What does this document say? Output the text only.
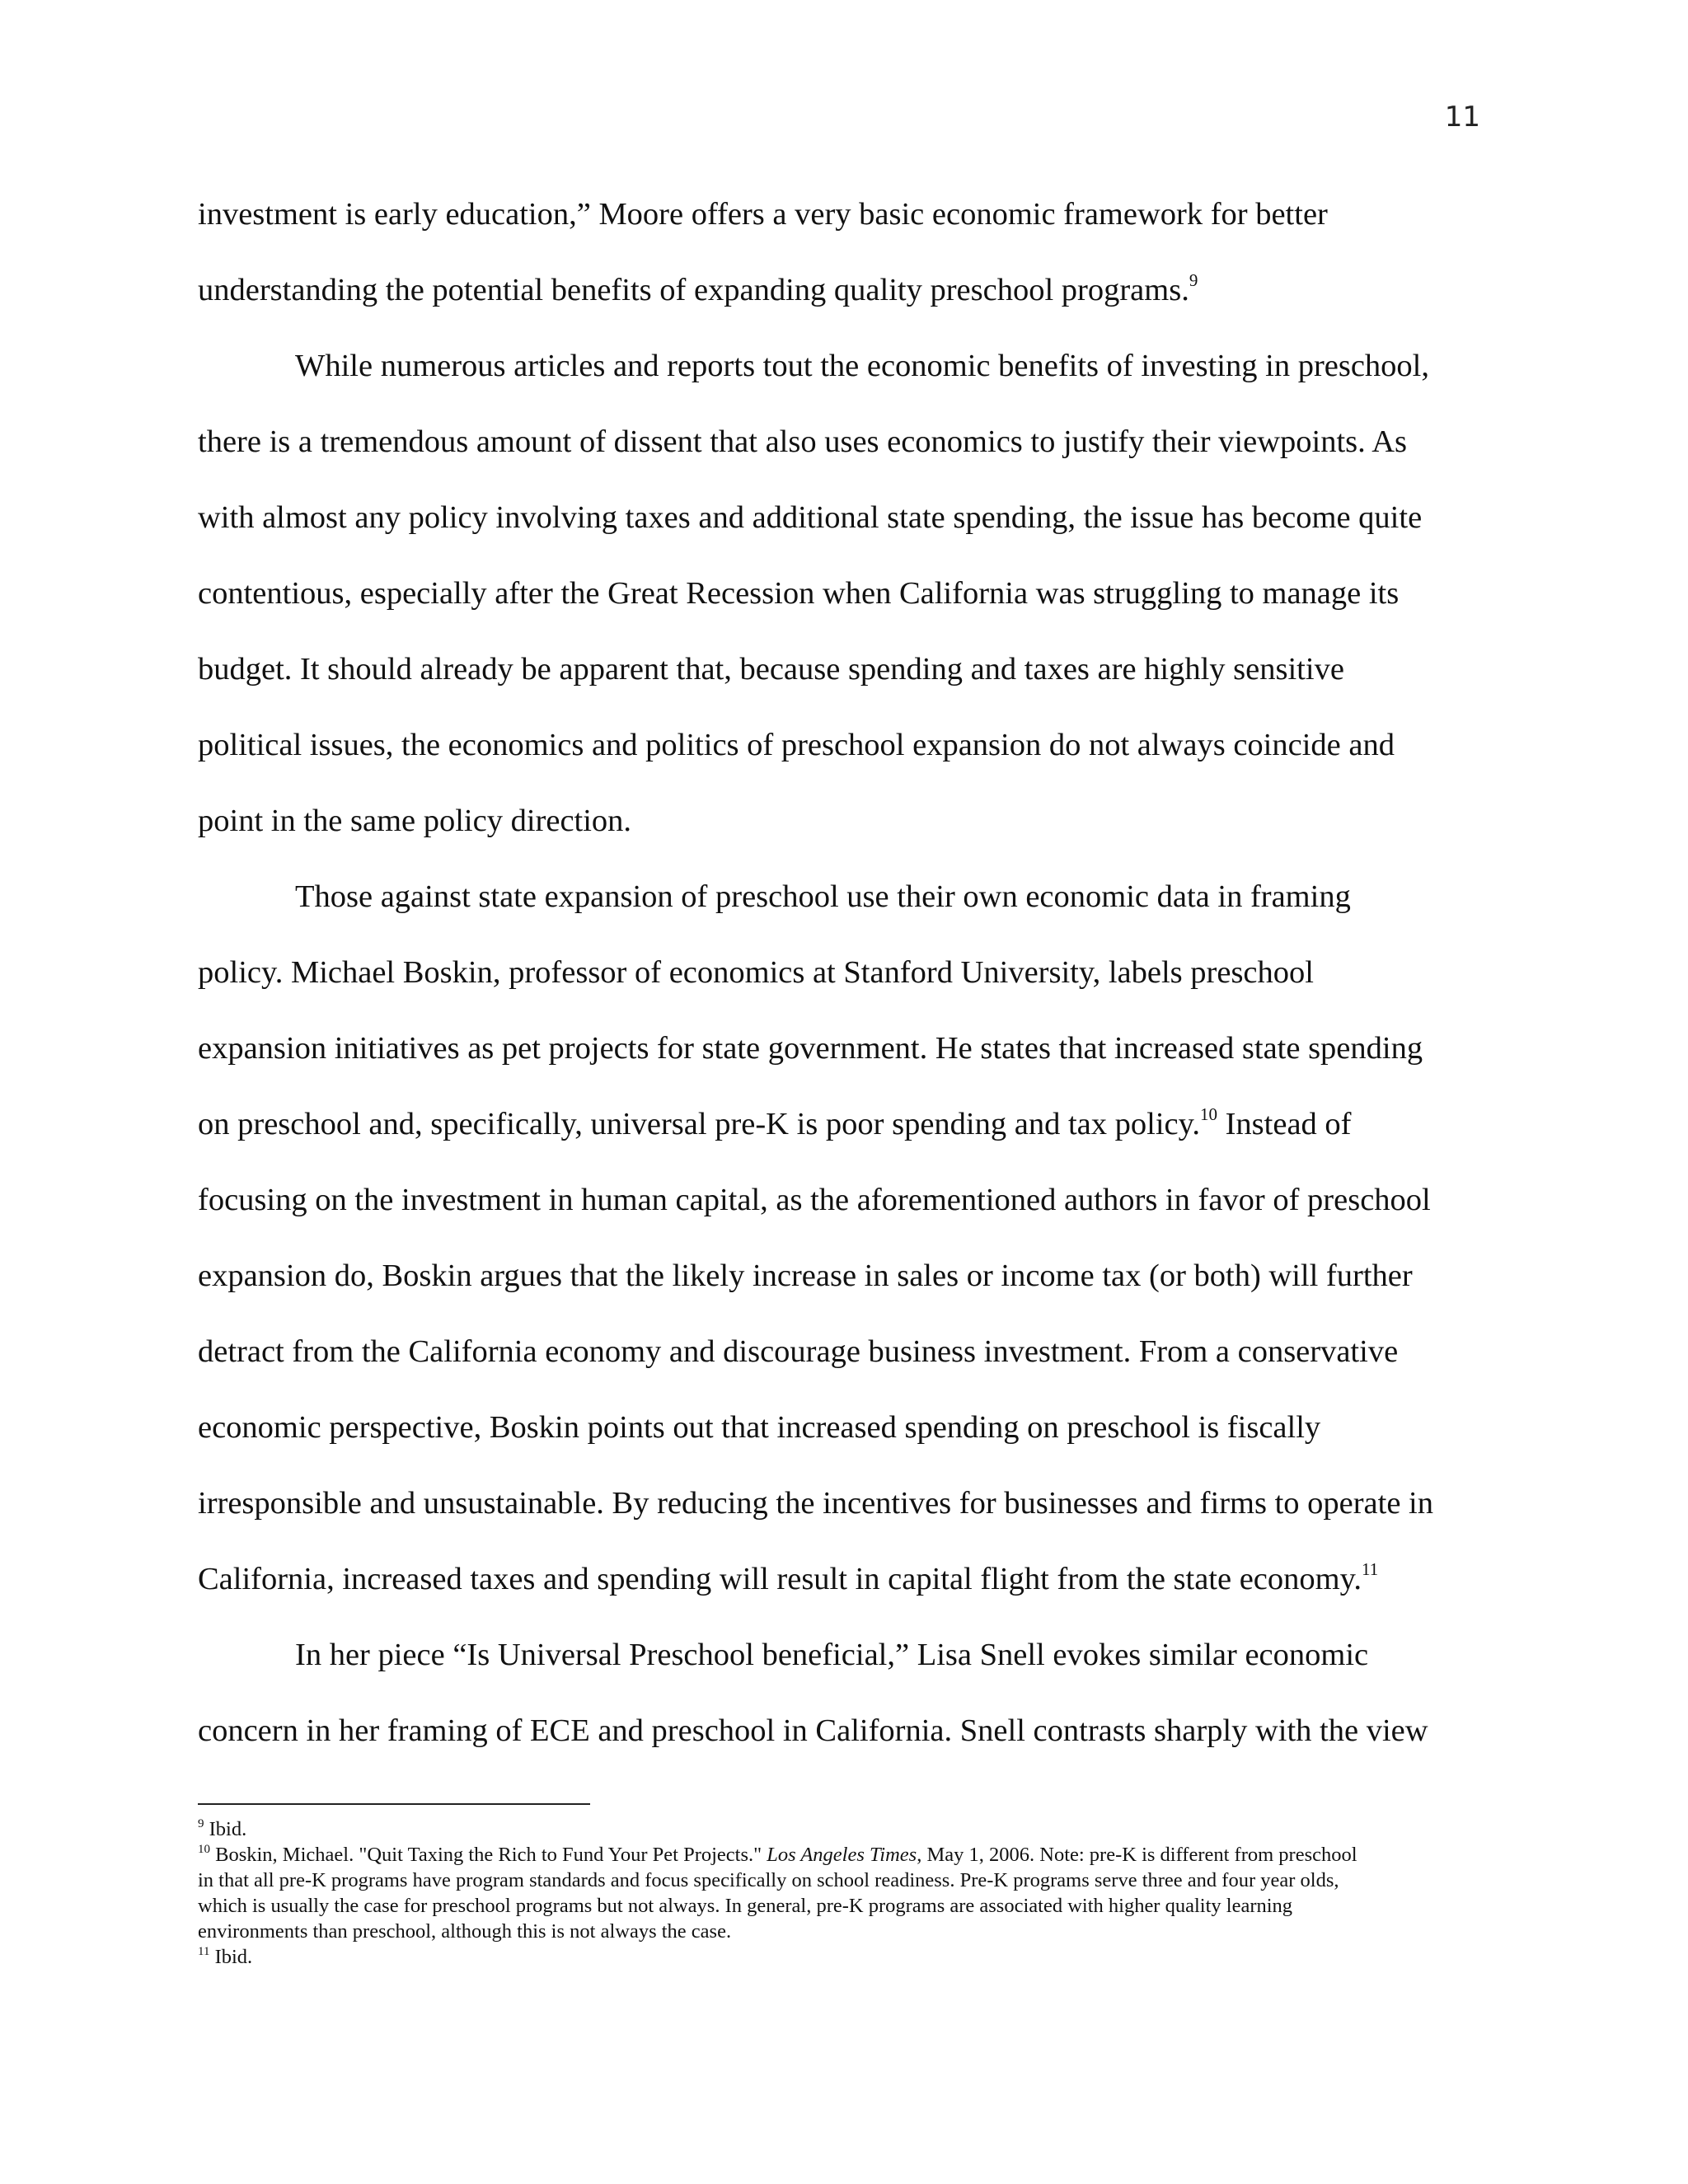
11
investment is early education,” Moore offers a very basic economic framework for better
understanding the potential benefits of expanding quality preschool programs.$^9$
While numerous articles and reports tout the economic benefits of investing in preschool,
there is a tremendous amount of dissent that also uses economics to justify their viewpoints. As
with almost any policy involving taxes and additional state spending, the issue has become quite
contentious, especially after the Great Recession when California was struggling to manage its
budget. It should already be apparent that, because spending and taxes are highly sensitive
political issues, the economics and politics of preschool expansion do not always coincide and
point in the same policy direction.
Those against state expansion of preschool use their own economic data in framing
policy. Michael Boskin, professor of economics at Stanford University, labels preschool
expansion initiatives as pet projects for state government. He states that increased state spending
on preschool and, specifically, universal pre-K is poor spending and tax policy.$^{10}$ Instead of
focusing on the investment in human capital, as the aforementioned authors in favor of preschool
expansion do, Boskin argues that the likely increase in sales or income tax (or both) will further
detract from the California economy and discourage business investment. From a conservative
economic perspective, Boskin points out that increased spending on preschool is fiscally
irresponsible and unsustainable. By reducing the incentives for businesses and firms to operate in
California, increased taxes and spending will result in capital flight from the state economy.$^{11}$
In her piece “Is Universal Preschool beneficial,” Lisa Snell evokes similar economic
concern in her framing of ECE and preschool in California. Snell contrasts sharply with the view
$^9$ Ibid.
$^{10}$ Boskin, Michael. "Quit Taxing the Rich to Fund Your Pet Projects." Los Angeles Times, May 1, 2006. Note: pre-K is different from preschool
in that all pre-K programs have program standards and focus specifically on school readiness. Pre-K programs serve three and four year olds,
which is usually the case for preschool programs but not always. In general, pre-K programs are associated with higher quality learning
environments than preschool, although this is not always the case.
$^{11}$ Ibid.
